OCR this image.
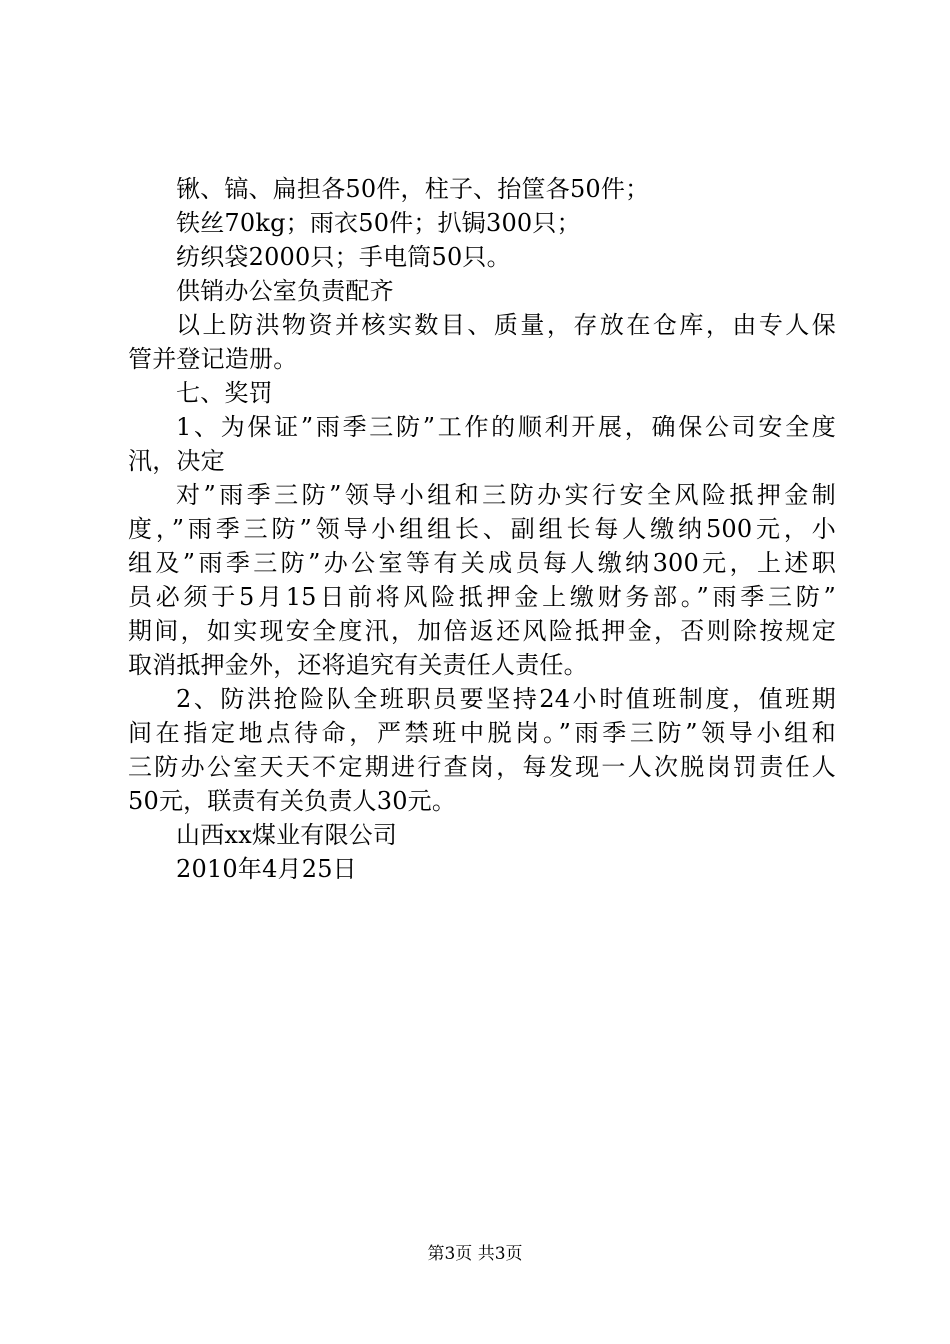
锹、镐、扁担各50件，柱子、抬筐各50件；
铁丝70kg；雨衣50件；扒锔300只；
纺织袋2000只；手电筒50只。
供销办公室负责配齐
以上防洪物资并核实数目、质量，存放在仓库，由专人保
管并登记造册。
七、奖罚
1、为保证”雨季三防”工作的顺利开展，确保公司安全度
汛，决定
对”雨季三防”领导小组和三防办实行安全风险抵押金制
度，”雨季三防”领导小组组长、副组长每人缴纳500元，小
组及”雨季三防”办公室等有关成员每人缴纳300元，上述职
员必须于5月15日前将风险抵押金上缴财务部。”雨季三防”
期间，如实现安全度汛，加倍返还风险抵押金，否则除按规定
取消抵押金外，还将追究有关责任人责任。
2、防洪抢险队全班职员要坚持24小时值班制度，值班期
间在指定地点待命，严禁班中脱岗。”雨季三防”领导小组和
三防办公室天天不定期进行查岗，每发现一人次脱岗罚责任人
50元，联责有关负责人30元。
山西xx煤业有限公司
2010年4月25日
第3页 共3页
